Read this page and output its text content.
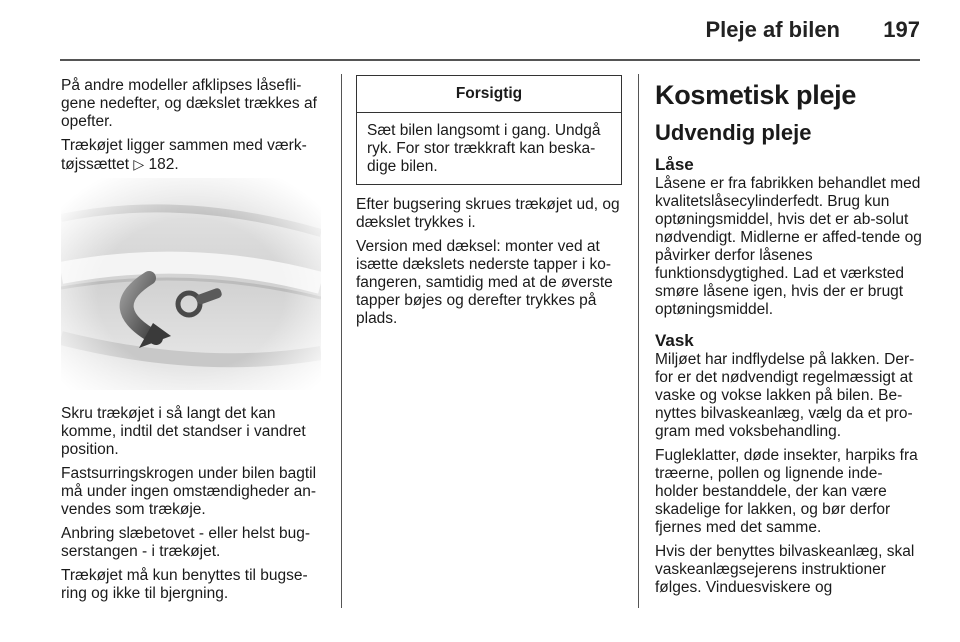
Pleje af bilen 197

På andre modeller afklipses låsefli-gene nedefter, og dækslet trækkes af opefter.

Trækøjet ligger sammen med værk-tøjssættet ▷ 182.

Skru trækøjet i så langt det kan komme, indtil det standser i vandret position.

Fastsurringskrogen under bilen bagtil må under ingen omstændigheder an-vendes som trækøje.

Anbring slæbetovet - eller helst bug-serstangen - i trækøjet.

Trækøjet må kun benyttes til bugse-ring og ikke til bjergning.

Forsigtig
Sæt bilen langsomt i gang. Undgå ryk. For stor trækkraft kan beska-dige bilen.

Efter bugsering skrues trækøjet ud, og dækslet trykkes i.

Version med dæksel: monter ved at isætte dækslets nederste tapper i ko-fangeren, samtidig med at de øverste tapper bøjes og derefter trykkes på plads.

Kosmetisk pleje
Udvendig pleje
Låse

Låsene er fra fabrikken behandlet med kvalitetslåsecylinderfedt. Brug kun optøningsmiddel, hvis det er ab-solut nødvendigt. Midlerne er affed-tende og påvirker derfor låsenes funktionsdygtighed. Lad et værksted smøre låsene igen, hvis der er brugt optøningsmiddel.

Vask

Miljøet har indflydelse på lakken. Der-for er det nødvendigt regelmæssigt at vaske og vokse lakken på bilen. Be-nyttes bilvaskeanlæg, vælg da et pro-gram med voksbehandling.

Fugleklatter, døde insekter, harpiks fra træerne, pollen og lignende inde-holder bestanddele, der kan være skadelige for lakken, og bør derfor fjernes med det samme.

Hvis der benyttes bilvaskeanlæg, skal vaskeanlægsejerens instruktioner følges. Vinduesviskere og
